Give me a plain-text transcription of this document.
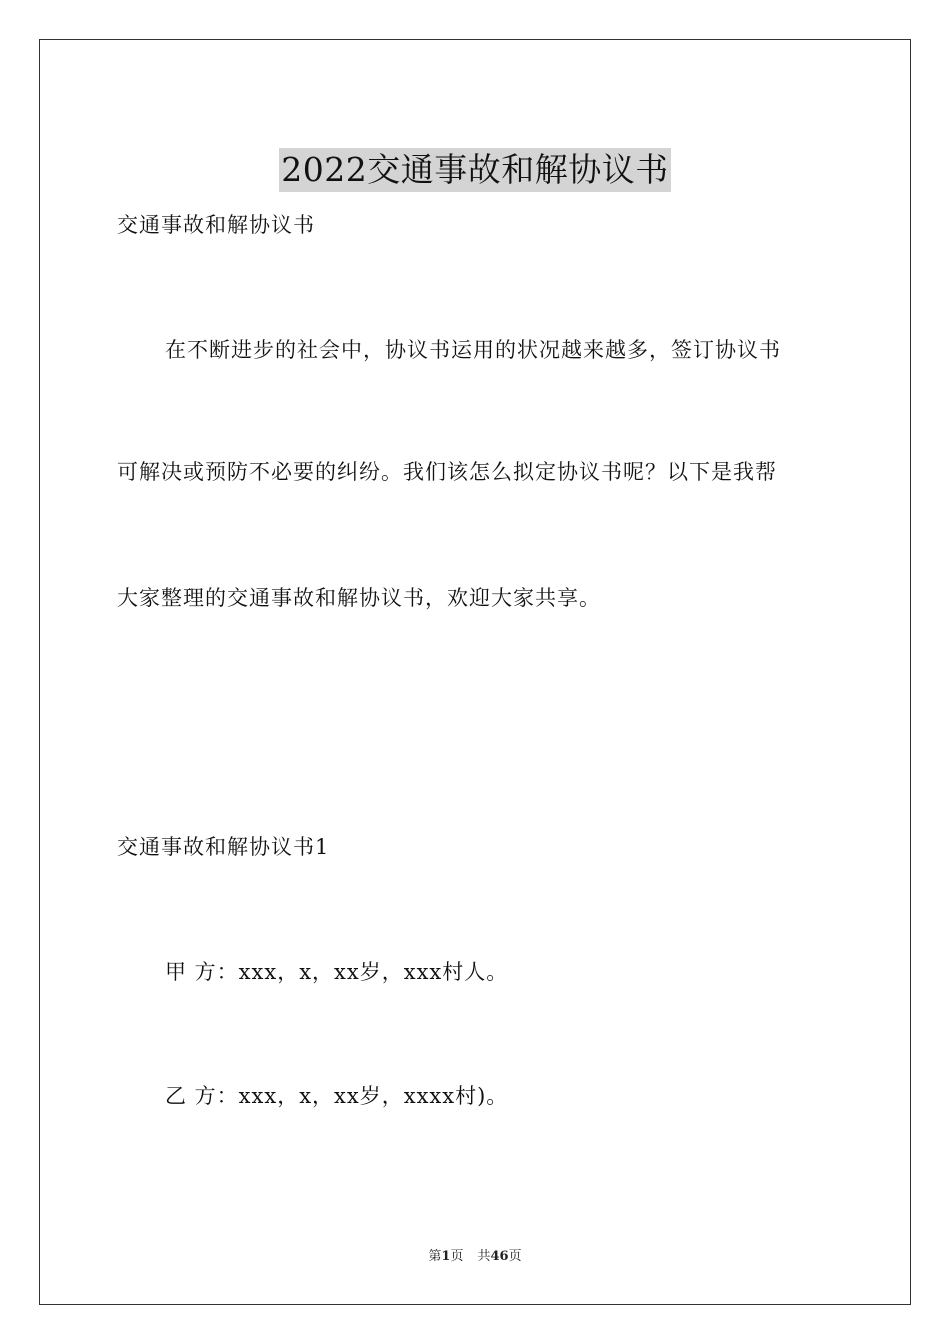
2022交通事故和解协议书
交通事故和解协议书
在不断进步的社会中，协议书运用的状况越来越多，签订协议书
可解决或预防不必要的纠纷。我们该怎么拟定协议书呢？以下是我帮
大家整理的交通事故和解协议书，欢迎大家共享。
交通事故和解协议书1
甲 方：xxx，x，xx岁，xxx村人。
乙 方：xxx，x，xx岁，xxxx村)。
第1页 共46页
